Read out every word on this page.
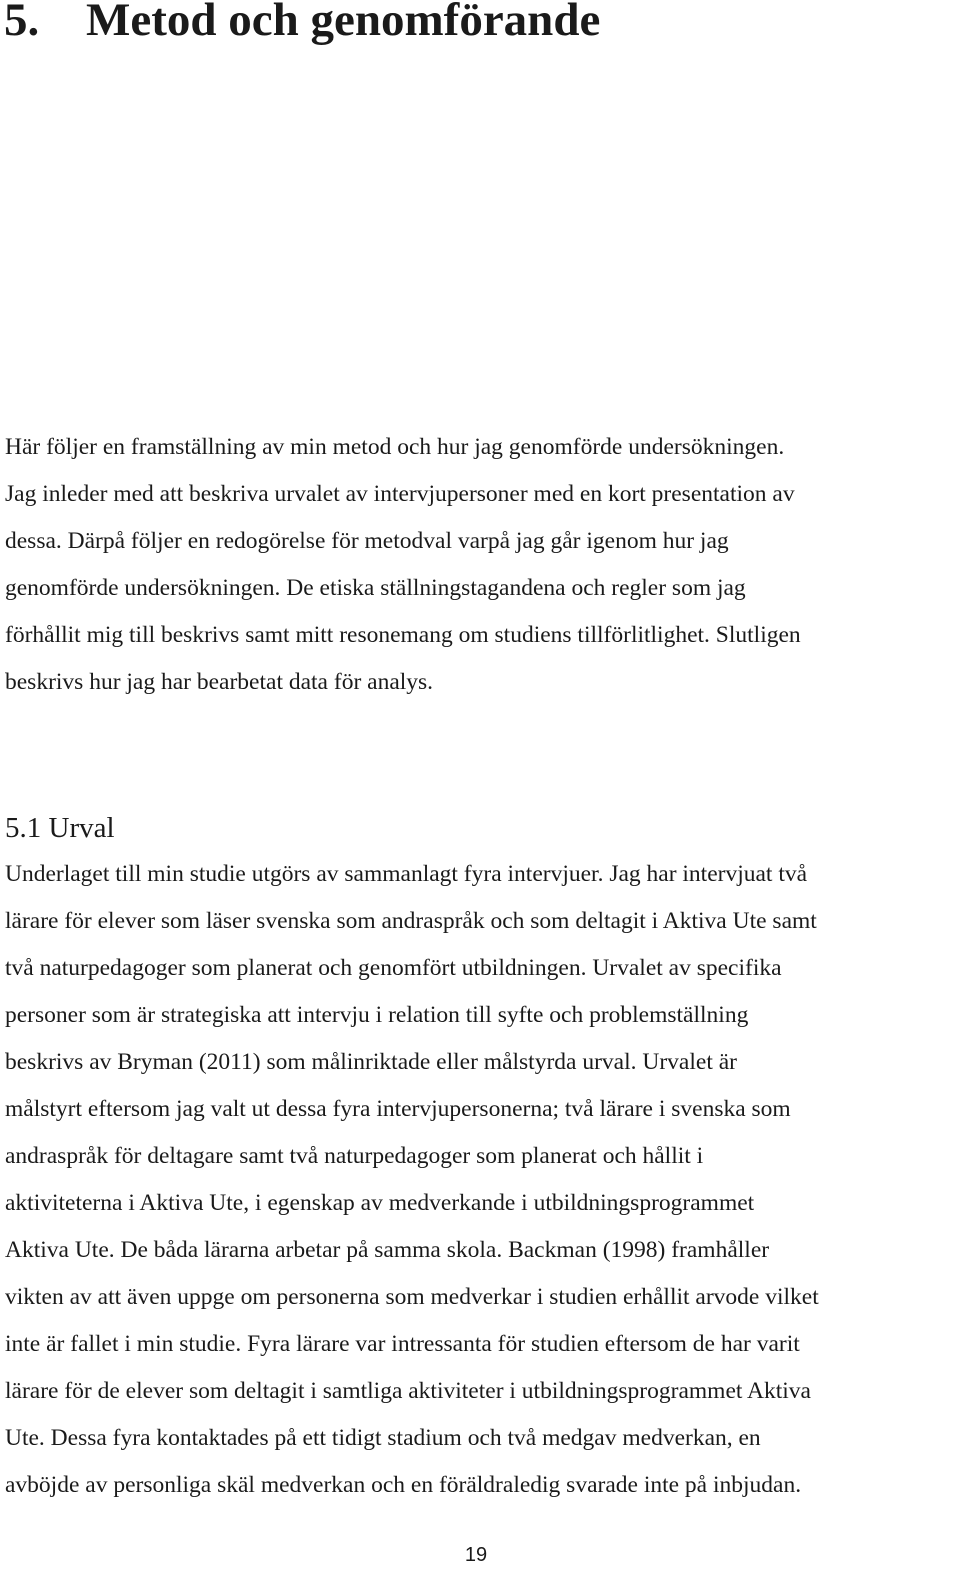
5. Metod och genomförande
Här följer en framställning av min metod och hur jag genomförde undersökningen.
Jag inleder med att beskriva urvalet av intervjupersoner med en kort presentation av
dessa. Därpå följer en redogörelse för metodval varpå jag går igenom hur jag
genomförde undersökningen. De etiska ställningstagandena och regler som jag
förhållit mig till beskrivs samt mitt resonemang om studiens tillförlitlighet. Slutligen
beskrivs hur jag har bearbetat data för analys.
5.1 Urval
Underlaget till min studie utgörs av sammanlagt fyra intervjuer. Jag har intervjuat två
lärare för elever som läser svenska som andraspråk och som deltagit i Aktiva Ute samt
två naturpedagoger som planerat och genomfört utbildningen. Urvalet av specifika
personer som är strategiska att intervju i relation till syfte och problemställning
beskrivs av Bryman (2011) som målinriktade eller målstyrda urval. Urvalet är
målstyrt eftersom jag valt ut dessa fyra intervjupersonerna; två lärare i svenska som
andraspråk för deltagare samt två naturpedagoger som planerat och hållit i
aktiviteterna i Aktiva Ute, i egenskap av medverkande i utbildningsprogrammet
Aktiva Ute. De båda lärarna arbetar på samma skola. Backman (1998) framhåller
vikten av att även uppge om personerna som medverkar i studien erhållit arvode vilket
inte är fallet i min studie. Fyra lärare var intressanta för studien eftersom de har varit
lärare för de elever som deltagit i samtliga aktiviteter i utbildningsprogrammet Aktiva
Ute. Dessa fyra kontaktades på ett tidigt stadium och två medgav medverkan, en
avböjde av personliga skäl medverkan och en föräldraledig svarade inte på inbjudan.
19
